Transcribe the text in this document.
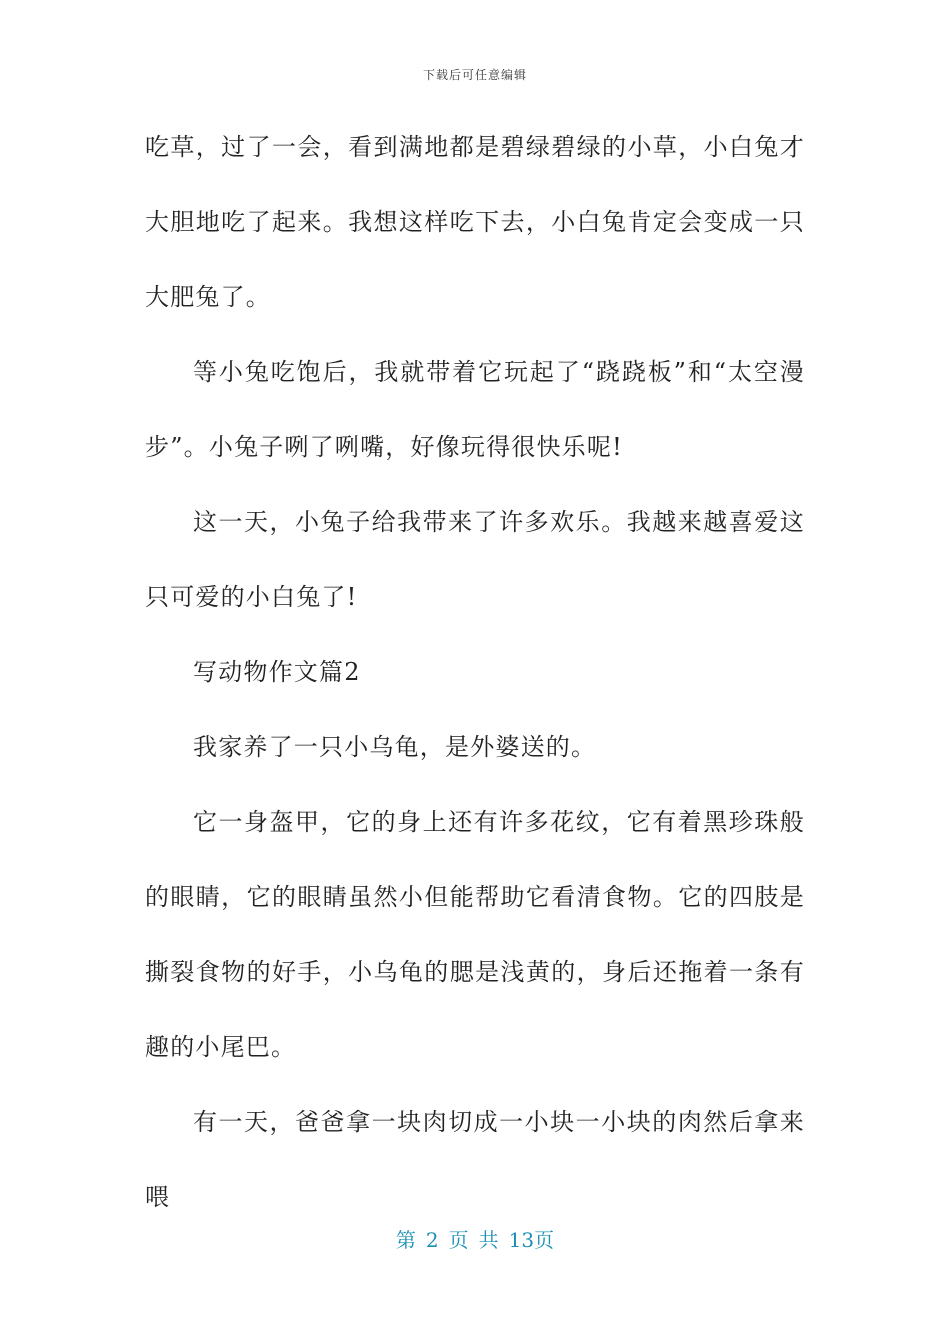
下载后可任意编辑

吃草，过了一会，看到满地都是碧绿碧绿的小草，小白兔才大胆地吃了起来。我想这样吃下去，小白兔肯定会变成一只大肥兔了。

等小兔吃饱后，我就带着它玩起了“跷跷板”和“太空漫步”。小兔子咧了咧嘴，好像玩得很快乐呢!

这一天，小兔子给我带来了许多欢乐。我越来越喜爱这只可爱的小白兔了!

写动物作文篇2

我家养了一只小乌龟，是外婆送的。

它一身盔甲，它的身上还有许多花纹，它有着黑珍珠般的眼睛，它的眼睛虽然小但能帮助它看清食物。它的四肢是撕裂食物的好手，小乌龟的腮是浅黄的，身后还拖着一条有趣的小尾巴。

有一天，爸爸拿一块肉切成一小块一小块的肉然后拿来喂

第 2 页 共 13页
